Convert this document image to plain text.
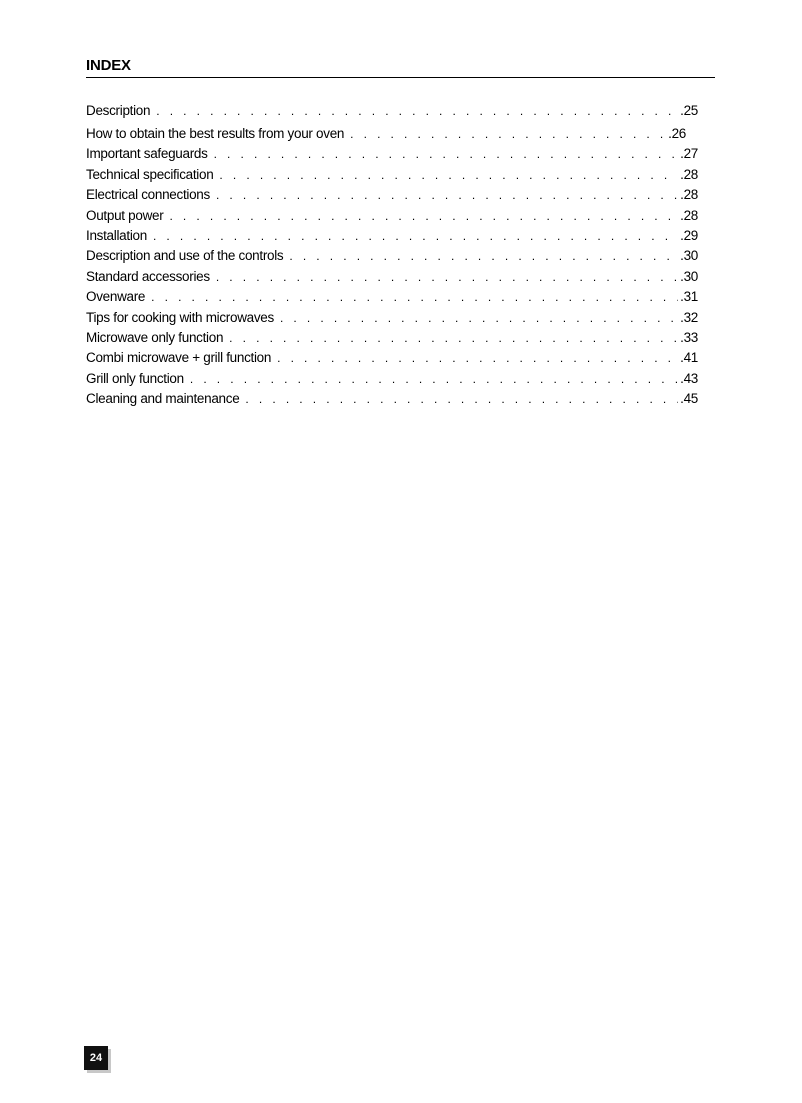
INDEX
Description . . .	.25
How to obtain the best results from your oven . . .	.26
Important safeguards . . .	.27
Technical specification . . .	.28
Electrical connections . . .	.28
Output power . . .	.28
Installation . . .	.29
Description and use of the controls . . .	.30
Standard accessories . . .	.30
Ovenware . . .	.31
Tips for cooking with microwaves . . .	.32
Microwave only function . . .	.33
Combi microwave + grill function . . .	.41
Grill only function . . .	.43
Cleaning and maintenance . . .	.45
24
